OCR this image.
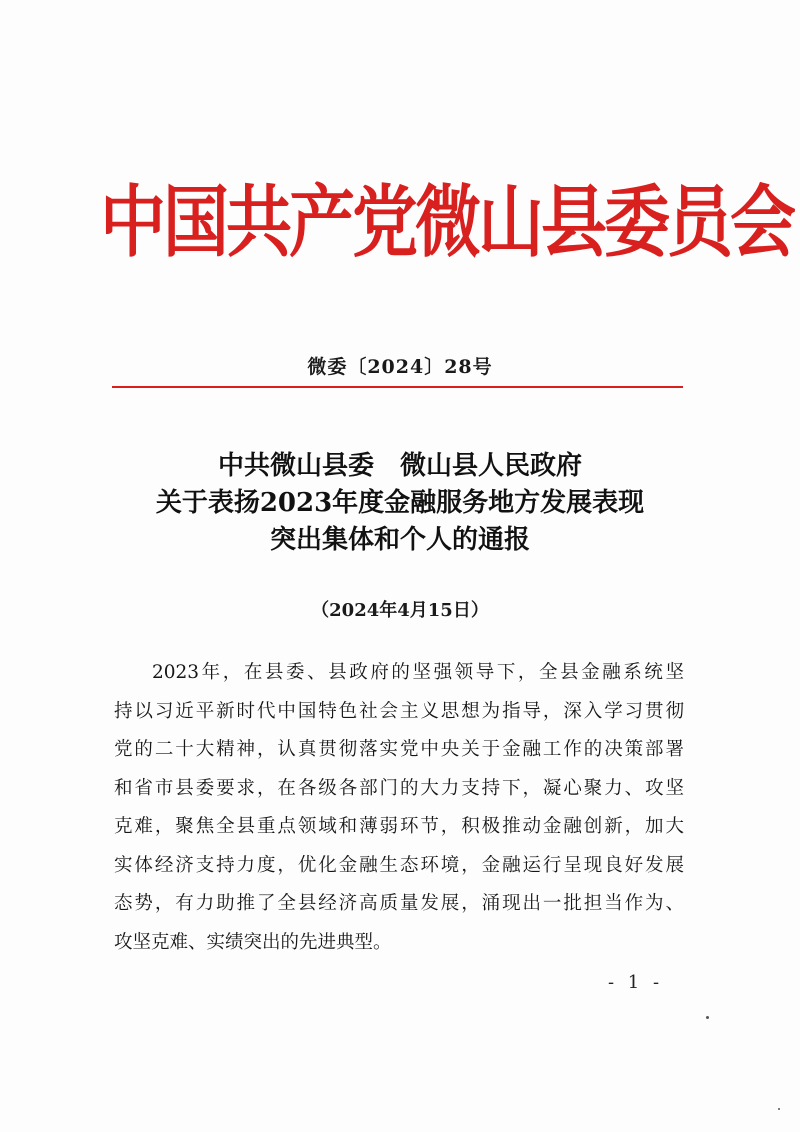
中国共产党微山县委员会
微委〔2024〕28号
中共微山县委　微山县人民政府
关于表扬2023年度金融服务地方发展表现
突出集体和个人的通报
（2024年4月15日）
2023年，在县委、县政府的坚强领导下，全县金融系统坚
持以习近平新时代中国特色社会主义思想为指导，深入学习贯彻
党的二十大精神，认真贯彻落实党中央关于金融工作的决策部署
和省市县委要求，在各级各部门的大力支持下，凝心聚力、攻坚
克难，聚焦全县重点领域和薄弱环节，积极推动金融创新，加大
实体经济支持力度，优化金融生态环境，金融运行呈现良好发展
态势，有力助推了全县经济高质量发展，涌现出一批担当作为、
攻坚克难、实绩突出的先进典型。
- 1 -
